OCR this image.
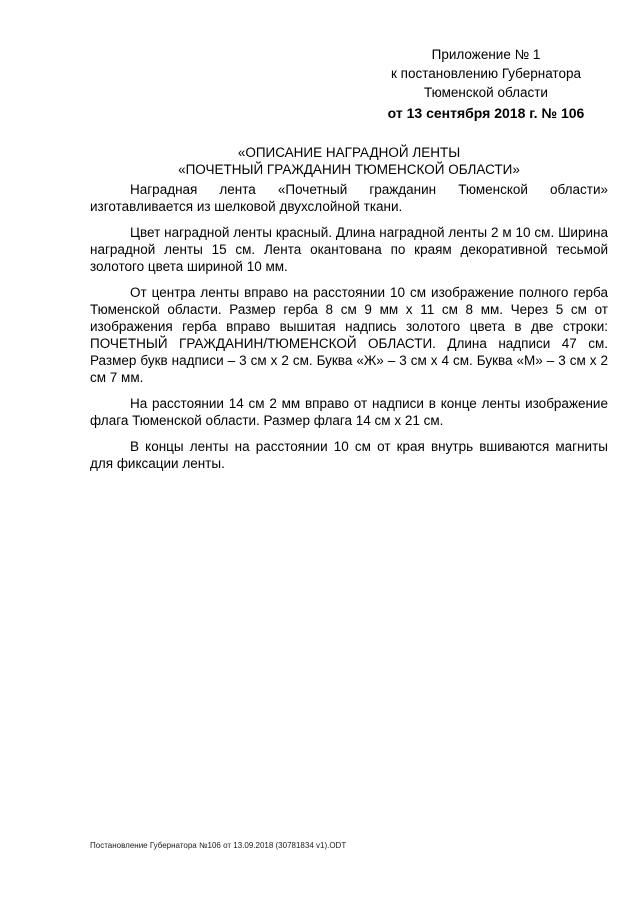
Приложение № 1
к постановлению Губернатора
Тюменской области
от 13 сентября 2018 г. № 106
«ОПИСАНИЕ НАГРАДНОЙ ЛЕНТЫ
«ПОЧЕТНЫЙ ГРАЖДАНИН ТЮМЕНСКОЙ ОБЛАСТИ»

Наградная лента «Почетный гражданин Тюменской области» изготавливается из шелковой двухслойной ткани.

Цвет наградной ленты красный. Длина наградной ленты 2 м 10 см. Ширина наградной ленты 15 см. Лента окантована по краям декоративной тесьмой золотого цвета шириной 10 мм.

От центра ленты вправо на расстоянии 10 см изображение полного герба Тюменской области. Размер герба 8 см 9 мм х 11 см 8 мм. Через 5 см от изображения герба вправо вышитая надпись золотого цвета в две строки: ПОЧЕТНЫЙ ГРАЖДАНИН/ТЮМЕНСКОЙ ОБЛАСТИ. Длина надписи 47 см. Размер букв надписи – 3 см х 2 см. Буква «Ж» – 3 см х 4 см. Буква «М» – 3 см х 2 см 7 мм.

На расстоянии 14 см 2 мм вправо от надписи в конце ленты изображение флага Тюменской области. Размер флага 14 см х 21 см.

В концы ленты на расстоянии 10 см от края внутрь вшиваются магниты для фиксации ленты.

Постановление Губернатора №106 от 13.09.2018 (30781834 v1).ODT
